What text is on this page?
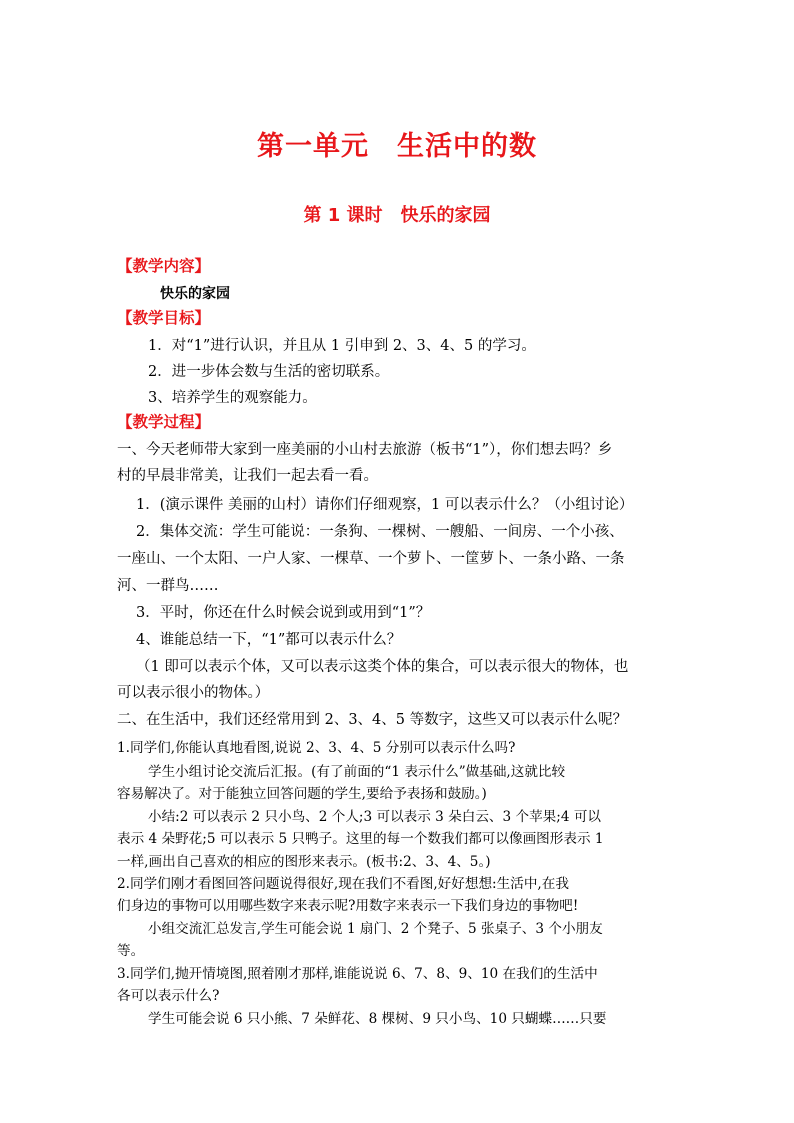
第一单元　生活中的数
第 1 课时　快乐的家园
【教学内容】
快乐的家园
【教学目标】
1．对“1”进行认识，并且从 1 引申到 2、3、4、5 的学习。
2．进一步体会数与生活的密切联系。
3、培养学生的观察能力。
【教学过程】
一、今天老师带大家到一座美丽的小山村去旅游（板书“1”），你们想去吗？乡
村的早晨非常美，让我们一起去看一看。
1．(演示课件 美丽的山村）请你们仔细观察，1 可以表示什么？（小组讨论）
2．集体交流：学生可能说：一条狗、一棵树、一艘船、一间房、一个小孩、
一座山、一个太阳、一户人家、一棵草、一个萝卜、一筐萝卜、一条小路、一条
河、一群鸟……
3．平时，你还在什么时候会说到或用到“1”？
4、谁能总结一下，“1”都可以表示什么？
（1 即可以表示个体，又可以表示这类个体的集合，可以表示很大的物体，也
可以表示很小的物体。）
二、在生活中，我们还经常用到 2、3、4、5 等数字，这些又可以表示什么呢？
1.同学们,你能认真地看图,说说 2、3、4、5 分别可以表示什么吗?
学生小组讨论交流后汇报。(有了前面的“1 表示什么”做基础,这就比较
容易解决了。对于能独立回答问题的学生,要给予表扬和鼓励。)
小结:2 可以表示 2 只小鸟、2 个人;3 可以表示 3 朵白云、3 个苹果;4 可以
表示 4 朵野花;5 可以表示 5 只鸭子。这里的每一个数我们都可以像画图形表示 1
一样,画出自己喜欢的相应的图形来表示。(板书:2、3、4、5。)
2.同学们刚才看图回答问题说得很好,现在我们不看图,好好想想:生活中,在我
们身边的事物可以用哪些数字来表示呢?用数字来表示一下我们身边的事物吧!
小组交流汇总发言,学生可能会说 1 扇门、2 个凳子、5 张桌子、3 个小朋友
等。
3.同学们,抛开情境图,照着刚才那样,谁能说说 6、7、8、9、10 在我们的生活中
各可以表示什么?
学生可能会说 6 只小熊、7 朵鲜花、8 棵树、9 只小鸟、10 只蝴蝶……只要
